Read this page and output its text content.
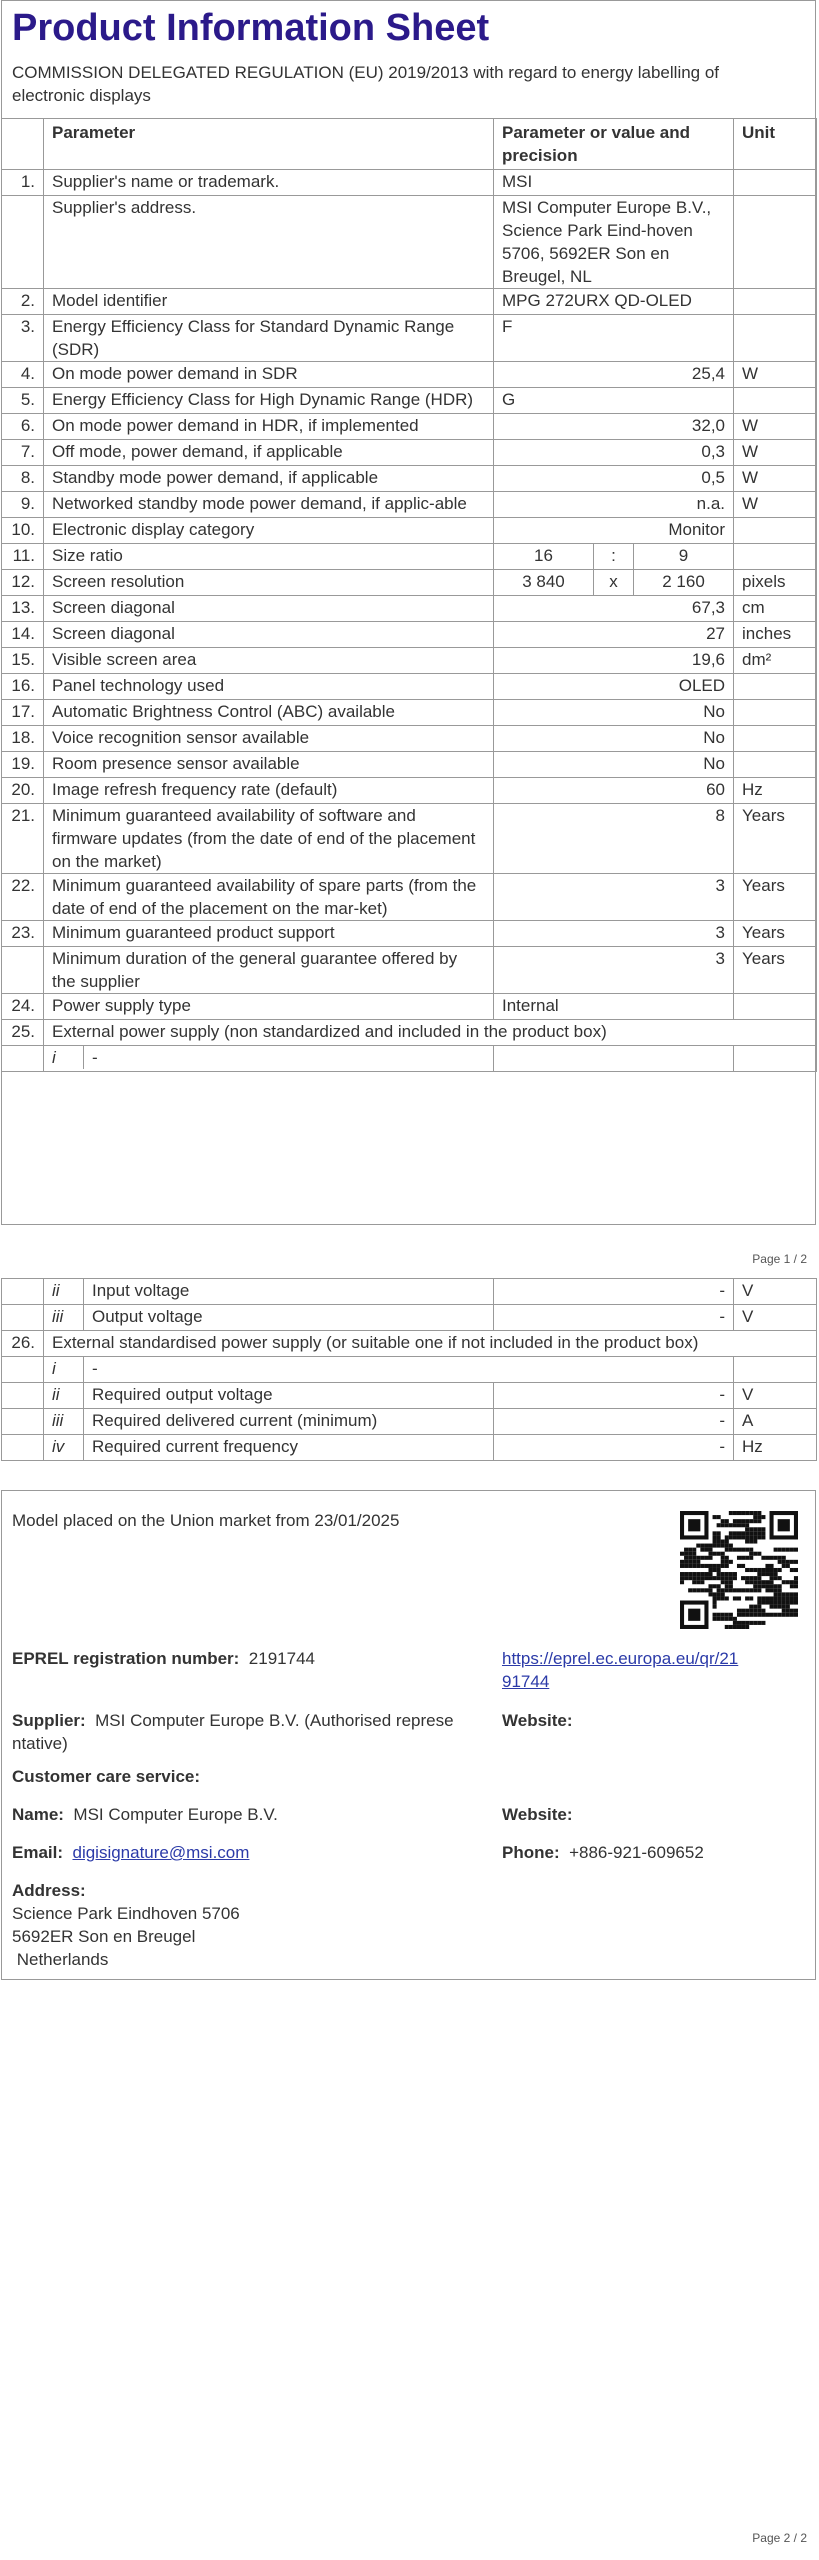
Product Information Sheet
COMMISSION DELEGATED REGULATION (EU) 2019/2013 with regard to energy labelling of electronic displays
	Parameter	Parameter or value and precision			Unit
1.	Supplier's name or trademark.	MSI			
	Supplier's address.	MSI Computer Europe B.V., Science Park Eind-hoven 5706, 5692ER Son en Breugel, NL			
2.	Model identifier	MPG 272URX QD-OLED			
3.	Energy Efficiency Class for Standard Dynamic Range (SDR)	F			
4.	On mode power demand in SDR	25,4			W
5.	Energy Efficiency Class for High Dynamic Range (HDR)	G			
6.	On mode power demand in HDR, if implemented	32,0			W
7.	Off mode, power demand, if applicable	0,3			W
8.	Standby mode power demand, if applicable	0,5			W
9.	Networked standby mode power demand, if applic-able	n.a.			W
10.	Electronic display category	Monitor			
11.	Size ratio	16	:	9	
12.	Screen resolution	3 840	x	2 160	pixels
13.	Screen diagonal	67,3			cm
14.	Screen diagonal	27			inches
15.	Visible screen area	19,6			dm²
16.	Panel technology used	OLED			
17.	Automatic Brightness Control (ABC) available	No			
18.	Voice recognition sensor available	No			
19.	Room presence sensor available	No			
20.	Image refresh frequency rate (default)	60			Hz
21.	Minimum guaranteed availability of software and firmware updates (from the date of end of the placement on the market)	8			Years
22.	Minimum guaranteed availability of spare parts (from the date of end of the placement on the mar-ket)	3			Years
23.	Minimum guaranteed product support	3			Years
	Minimum duration of the general guarantee offered by the supplier	3			Years
24.	Power supply type	Internal			
25.	External power supply (non standardized and included in the product box)				
	i -				
Page 1 / 2
	ii	Input voltage	-	V
	iii	Output voltage	-	V
26.	External standardised power supply (or suitable one if not included in the product box)			
	i	-		
	ii	Required output voltage	-	V
	iii	Required delivered current (minimum)	-	A
	iv	Required current frequency	-	Hz
Model placed on the Union market from 23/01/2025
EPREL registration number: 2191744	https://eprel.ec.europa.eu/qr/21
91744
Supplier: MSI Computer Europe B.V. (Authorised represe
ntative)
Website:
Customer care service:
Name: MSI Computer Europe B.V.	Website:
Email: digisignature@msi.com	Phone: +886-921-609652
Address:
Science Park Eindhoven 5706
5692ER Son en Breugel
Netherlands
Page 2 / 2
